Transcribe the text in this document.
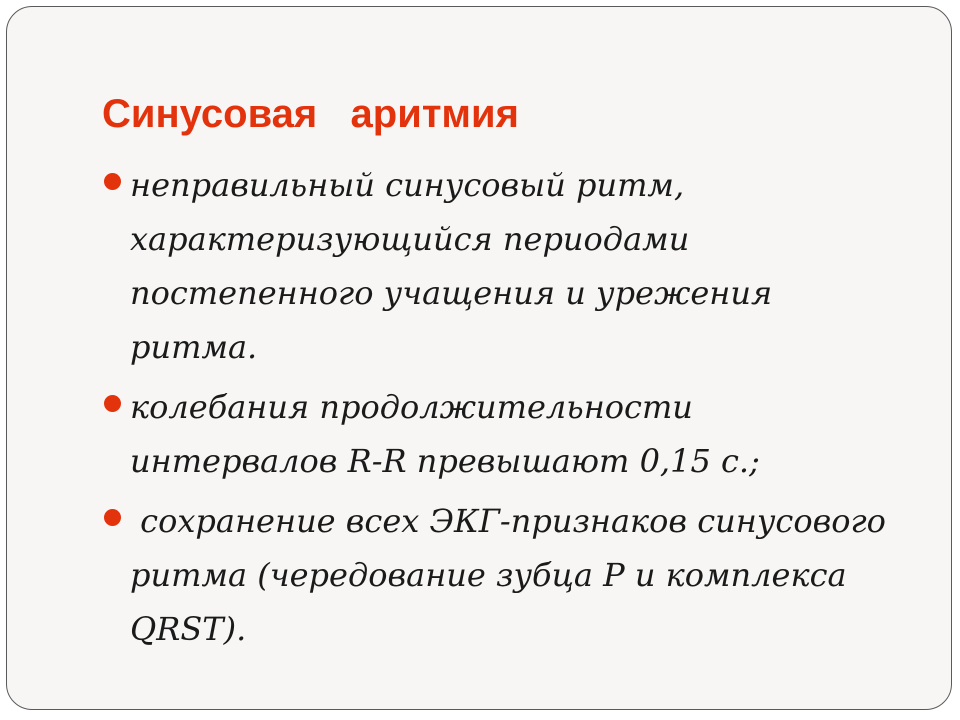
Синусовая   аритмия
неправильный синусовый ритм, характеризующийся периодами постепенного учащения и урежения ритма.
колебания продолжительности интервалов R-R превышают 0,15 с.;
сохранение всех ЭКГ-признаков синусового ритма (чередование зубца P и комплекса QRST).
